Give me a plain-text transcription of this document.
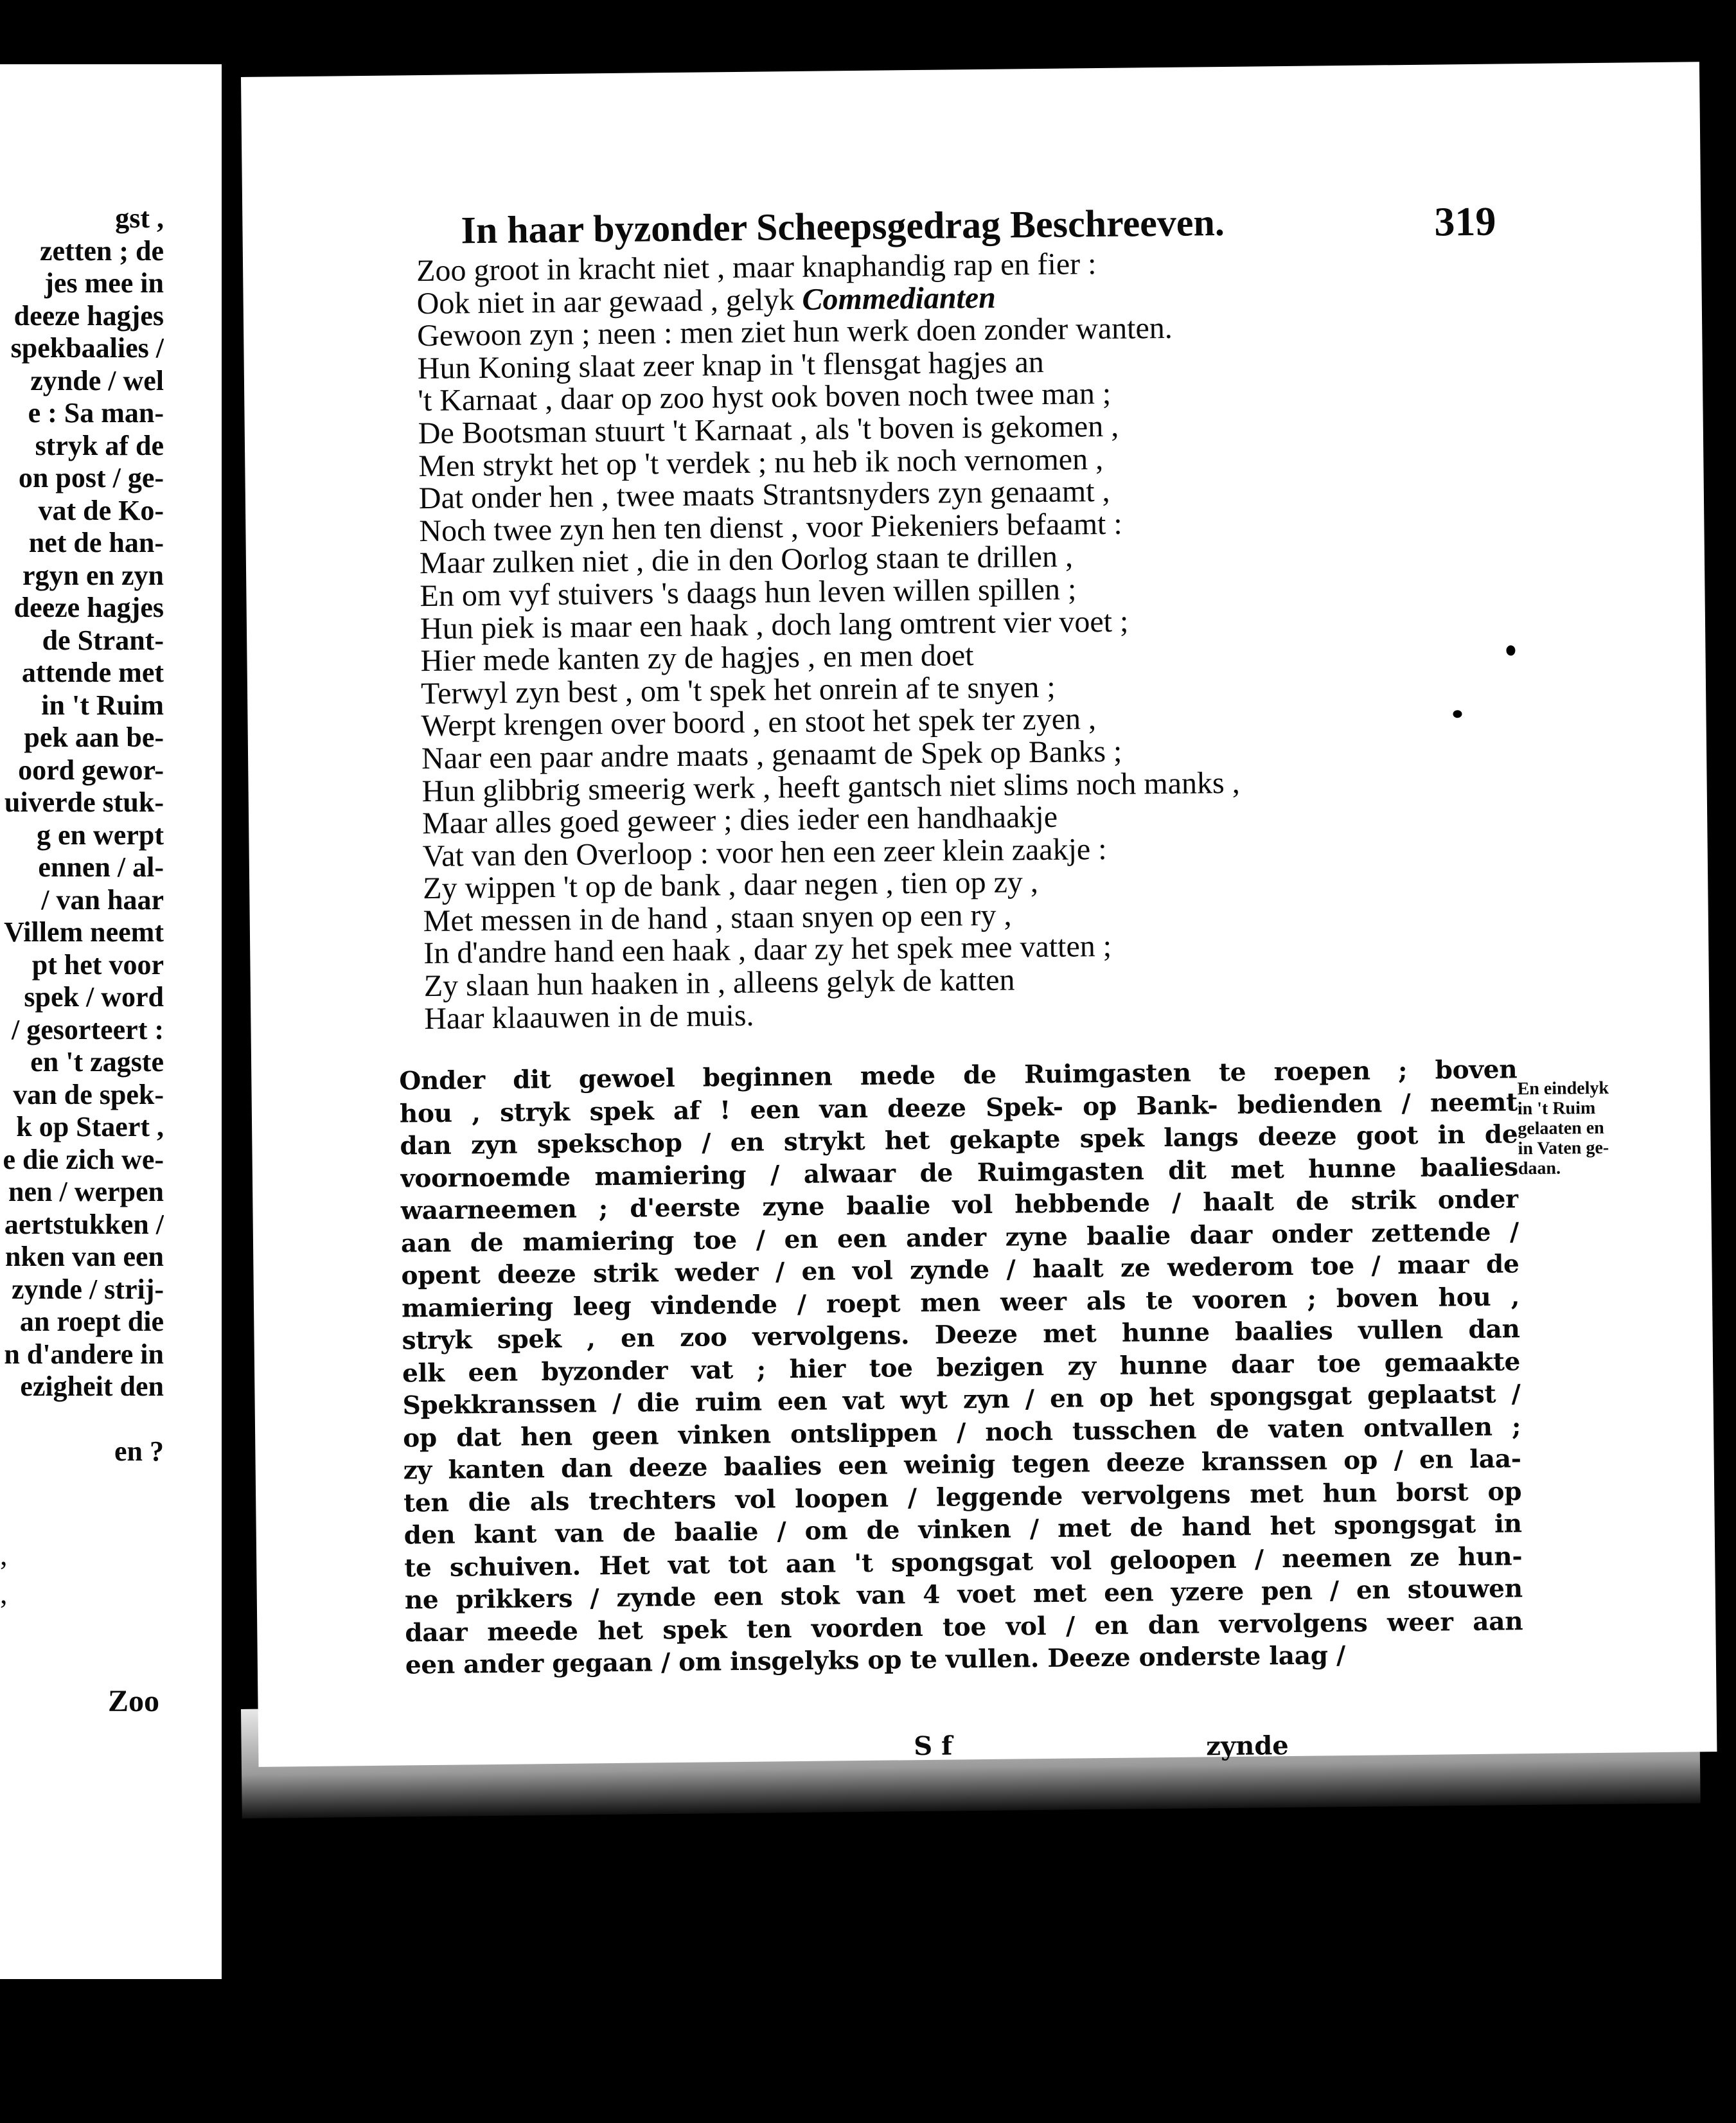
gst ,
zetten ; de
jes mee in
deeze hagjes
spekbaalies /
zynde / wel
e : Sa man-
stryk af de
on post / ge-
vat de Ko-
net de han-
rgyn en zyn
deeze hagjes
de Strant-
attende met
in 't Ruim
pek aan be-
oord gewor-
uiverde stuk-
g en werpt
ennen / al-
/ van haar
Villem neemt
pt het voor
spek / word
/ gesorteert :
en 't zagste
van de spek-
k op Staert ,
e die zich we-
nen / werpen
aertstukken /
nken van een
zynde / strij-
an roept die
n d'andere in
ezigheit den
en ?
,
,
Zoo
In haar byzonder Scheepsgedrag Beschreeven.	319
Zoo groot in kracht niet , maar knaphandig rap en fier :
Ook niet in aar gewaad , gelyk Commedianten
Gewoon zyn ; neen : men ziet hun werk doen zonder wanten.
Hun Koning slaat zeer knap in 't flensgat hagjes an
't Karnaat , daar op zoo hyst ook boven noch twee man ;
De Bootsman stuurt 't Karnaat , als 't boven is gekomen ,
Men strykt het op 't verdek ; nu heb ik noch vernomen ,
Dat onder hen , twee maats Strantsnyders zyn genaamt ,
Noch twee zyn hen ten dienst , voor Piekeniers befaamt :
Maar zulken niet , die in den Oorlog staan te drillen ,
En om vyf stuivers 's daags hun leven willen spillen ;
Hun piek is maar een haak , doch lang omtrent vier voet ;
Hier mede kanten zy de hagjes , en men doet
Terwyl zyn best , om 't spek het onrein af te snyen ;
Werpt krengen over boord , en stoot het spek ter zyen ,
Naar een paar andre maats , genaamt de Spek op Banks ;
Hun glibbrig smeerig werk , heeft gantsch niet slims noch manks ,
Maar alles goed geweer ; dies ieder een handhaakje
Vat van den Overloop : voor hen een zeer klein zaakje :
Zy wippen 't op de bank , daar negen , tien op zy ,
Met messen in de hand , staan snyen op een ry ,
In d'andre hand een haak , daar zy het spek mee vatten ;
Zy slaan hun haaken in , alleens gelyk de katten
Haar klaauwen in de muis.
Onder dit gewoel beginnen mede de Ruimgasten te roepen ; boven
hou , stryk spek af ! een van deeze Spek- op Bank- bedienden / neemt
dan zyn spekschop / en strykt het gekapte spek langs deeze goot in de
voornoemde mamiering / alwaar de Ruimgasten dit met hunne baalies
waarneemen ; d'eerste zyne baalie vol hebbende / haalt de strik onder
aan de mamiering toe / en een ander zyne baalie daar onder zettende /
opent deeze strik weder / en vol zynde / haalt ze wederom toe / maar de
mamiering leeg vindende / roept men weer als te vooren ; boven hou ,
stryk spek , en zoo vervolgens. Deeze met hunne baalies vullen dan
elk een byzonder vat ; hier toe bezigen zy hunne daar toe gemaakte
Spekkranssen / die ruim een vat wyt zyn / en op het spongsgat geplaatst /
op dat hen geen vinken ontslippen / noch tusschen de vaten ontvallen ;
zy kanten dan deeze baalies een weinig tegen deeze kranssen op / en laa-
ten die als trechters vol loopen / leggende vervolgens met hun borst op
den kant van de baalie / om de vinken / met de hand het spongsgat in
te schuiven. Het vat tot aan 't spongsgat vol geloopen / neemen ze hun-
ne prikkers / zynde een stok van 4 voet met een yzere pen / en stouwen
daar meede het spek ten voorden toe vol / en dan vervolgens weer aan
een ander gegaan / om insgelyks op te vullen. Deeze onderste laag /
En eindelyk
in 't Ruim
gelaaten en
in Vaten ge-
daan.
S f	zynde
